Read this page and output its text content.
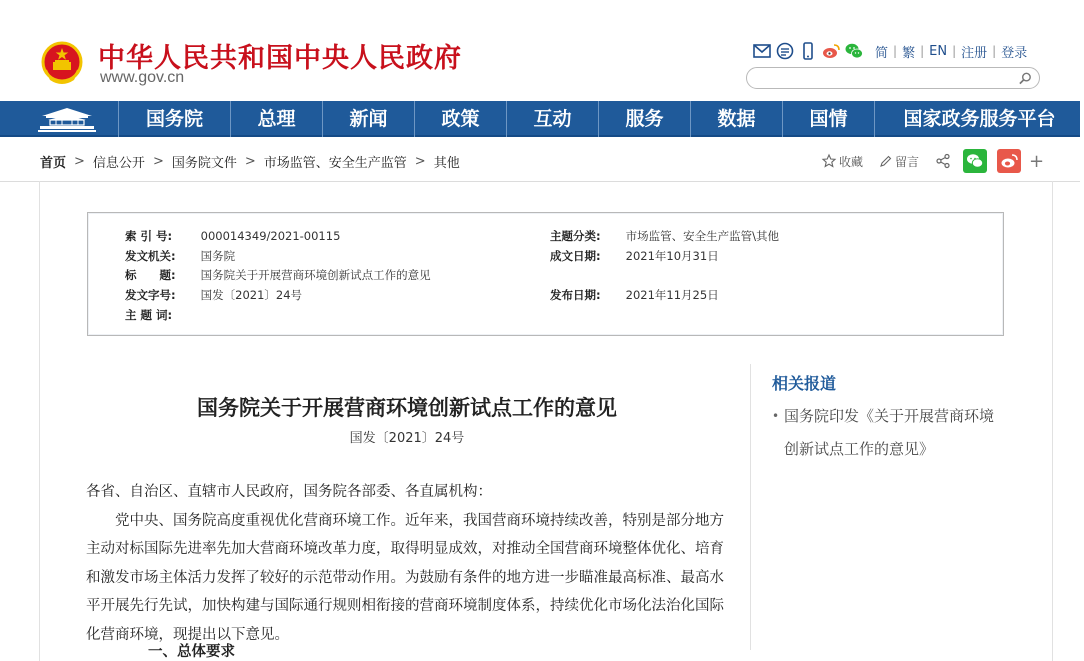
中华人民共和国中央人民政府
www.gov.cn
简 | 繁 | EN | 注册 | 登录
国务院	总理	新闻	政策	互动	服务	数据	国情	国家政务服务平台
首页 > 信息公开 > 国务院文件 > 市场监管、安全生产监管 > 其他	收藏	留言	+
索 引 号: 000014349/2021-00115	主题分类: 市场监管、安全生产监管\其他
发文机关: 国务院	成文日期: 2021年10月31日
标　　题: 国务院关于开展营商环境创新试点工作的意见
发文字号: 国发〔2021〕24号	发布日期: 2021年11月25日
主 题 词:
国务院关于开展营商环境创新试点工作的意见
国发〔2021〕24号

各省、自治区、直辖市人民政府，国务院各部委、各直属机构：

党中央、国务院高度重视优化营商环境工作。近年来，我国营商环境持续改善，特别是部分地方主动对标国际先进率先加大营商环境改革力度，取得明显成效，对推动全国营商环境整体优化、培育和激发市场主体活力发挥了较好的示范带动作用。为鼓励有条件的地方进一步瞄准最高标准、最高水平开展先行先试，加快构建与国际通行规则相衔接的营商环境制度体系，持续优化市场化法治化国际化营商环境，现提出以下意见。

一、总体要求
相关报道
• 国务院印发《关于开展营商环境创新试点工作的意见》
